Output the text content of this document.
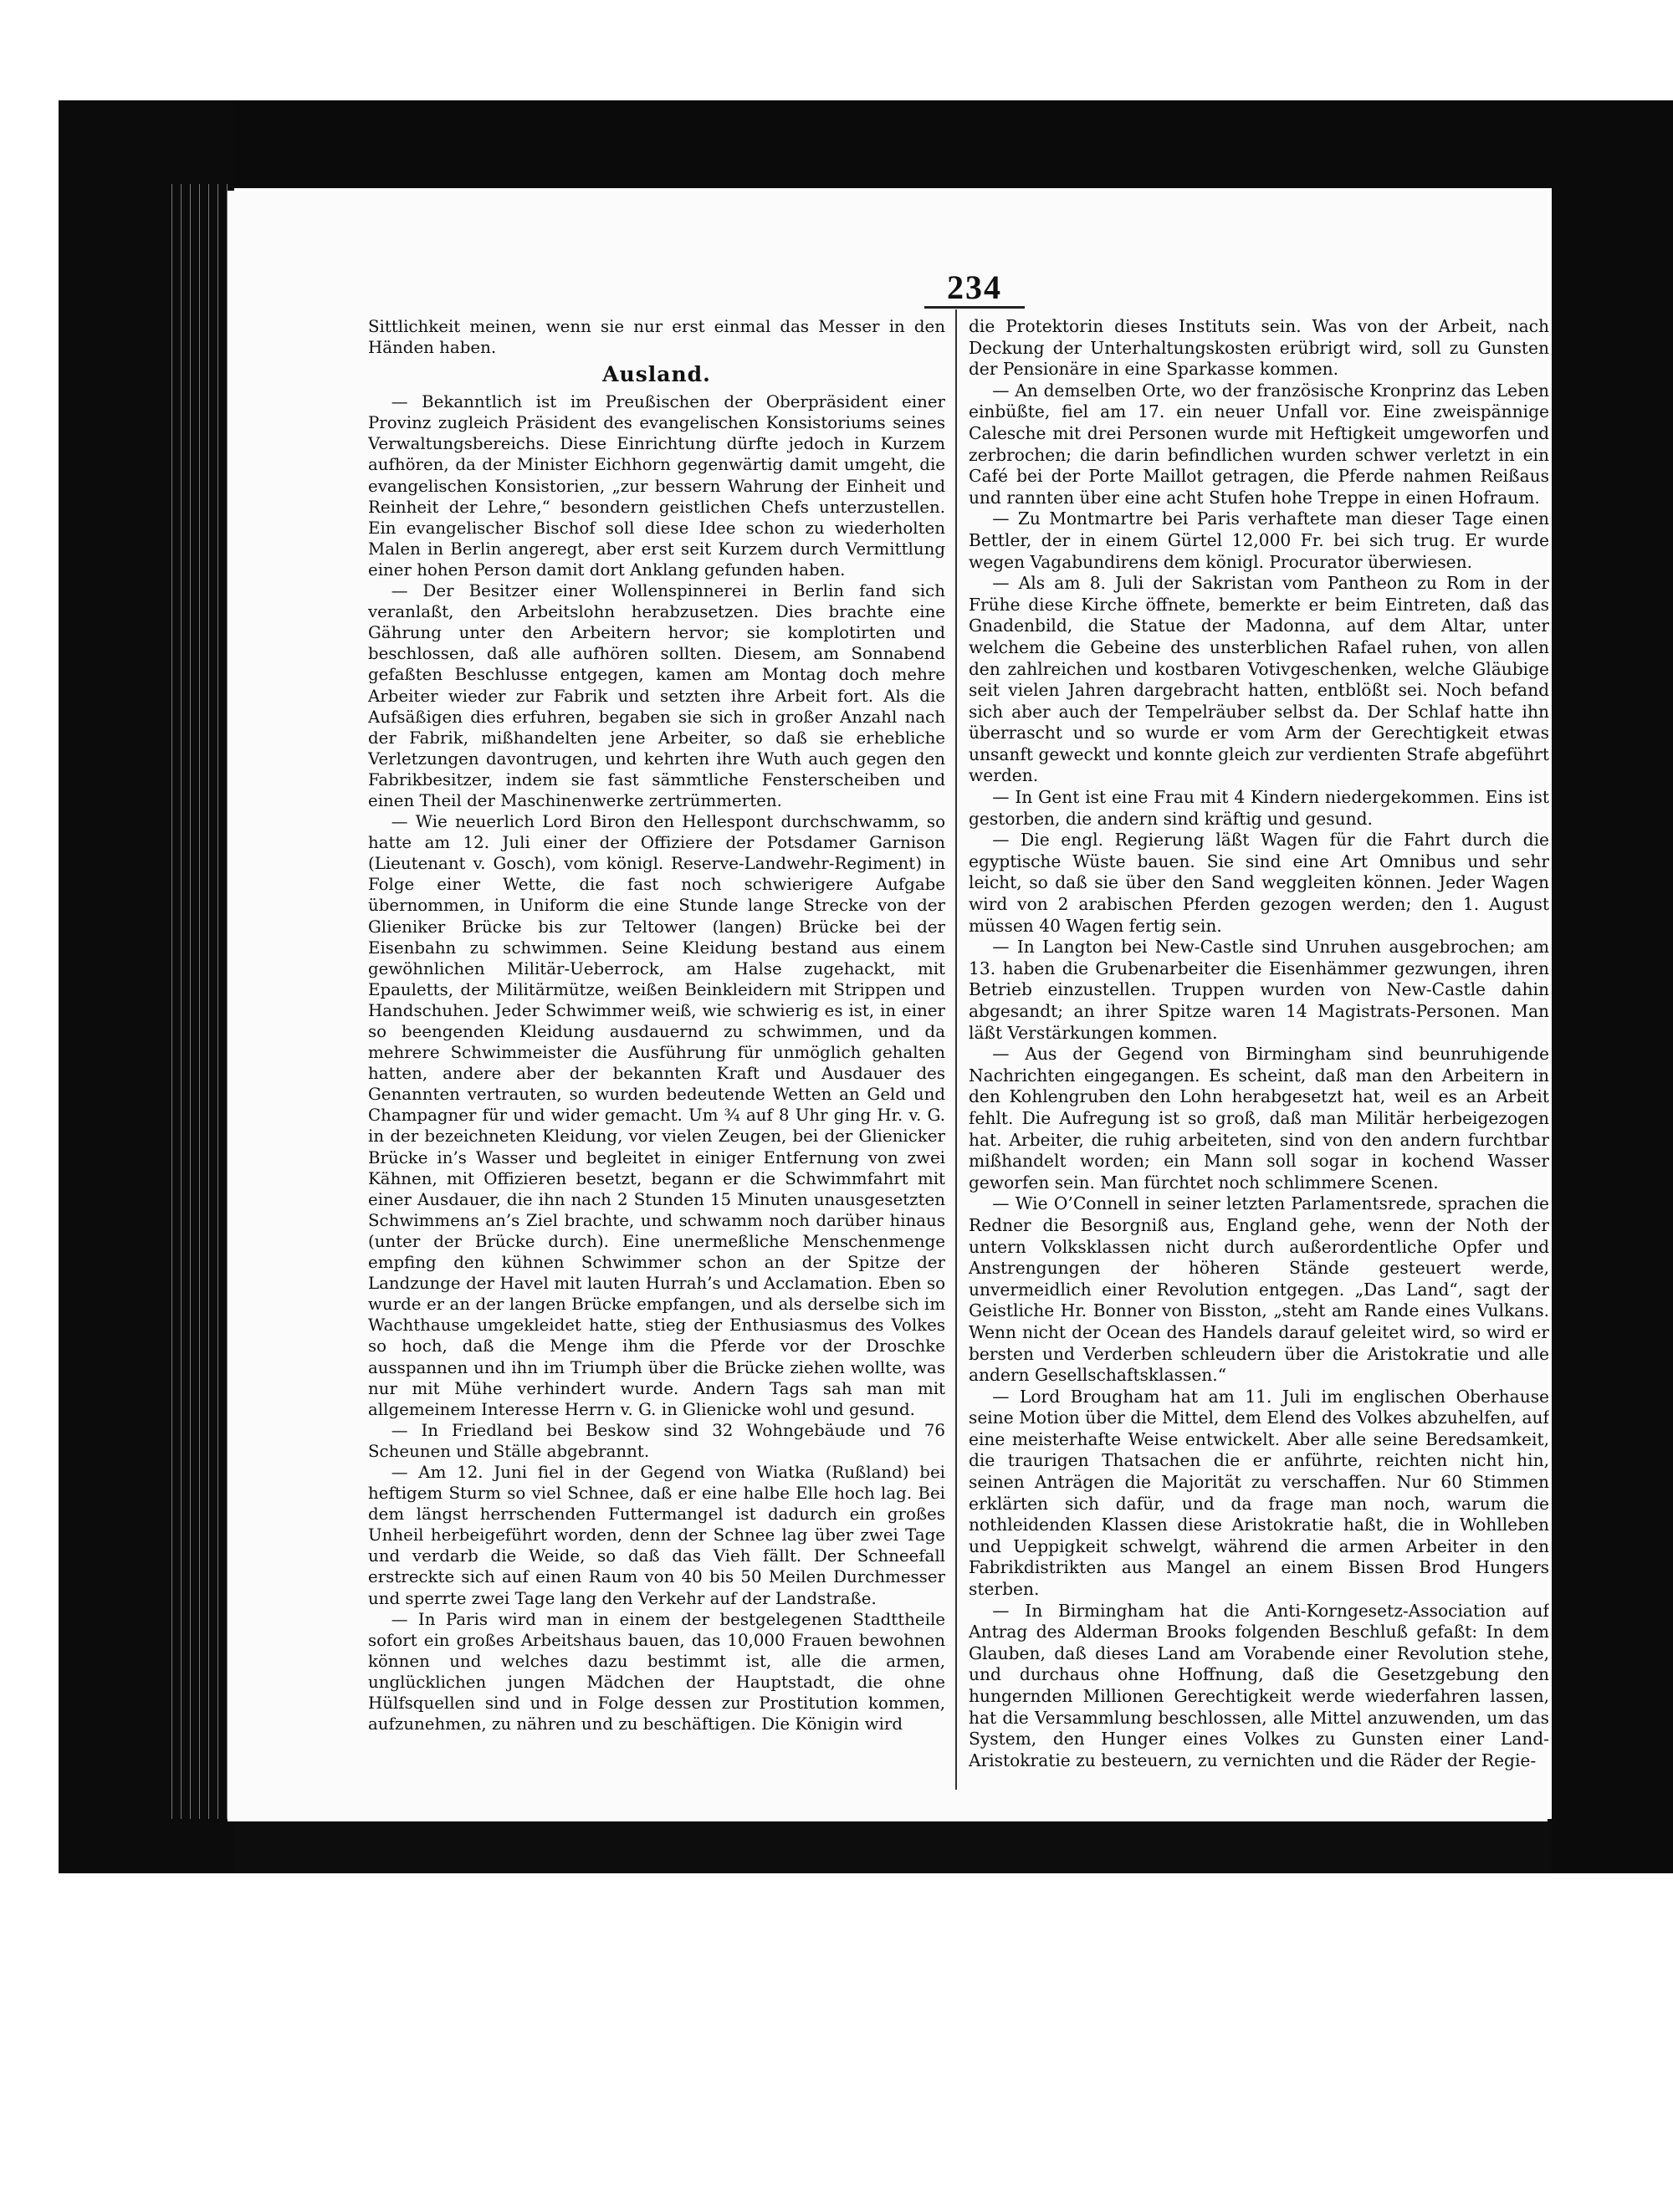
234

Sittlichkeit meinen, wenn sie nur erst einmal das Messer in den Händen haben.

Ausland.

— Bekanntlich ist im Preußischen der Oberpräsident einer Provinz zugleich Präsident des evangelischen Konsistoriums seines Verwaltungsbereichs. Diese Einrichtung dürfte jedoch in Kurzem aufhören, da der Minister Eichhorn gegenwärtig damit umgeht, die evangelischen Konsistorien, „zur bessern Wahrung der Einheit und Reinheit der Lehre,“ besondern geistlichen Chefs unterzustellen. Ein evangelischer Bischof soll diese Idee schon zu wiederholten Malen in Berlin angeregt, aber erst seit Kurzem durch Vermittlung einer hohen Person damit dort Anklang gefunden haben.

— Der Besitzer einer Wollenspinnerei in Berlin fand sich veranlaßt, den Arbeitslohn herabzusetzen. Dies brachte eine Gährung unter den Arbeitern hervor; sie komplotirten und beschlossen, daß alle aufhören sollten. Diesem, am Sonnabend gefaßten Beschlusse entgegen, kamen am Montag doch mehre Arbeiter wieder zur Fabrik und setzten ihre Arbeit fort. Als die Aufsäßigen dies erfuhren, begaben sie sich in großer Anzahl nach der Fabrik, mißhandelten jene Arbeiter, so daß sie erhebliche Verletzungen davontrugen, und kehrten ihre Wuth auch gegen den Fabrikbesitzer, indem sie fast sämmtliche Fensterscheiben und einen Theil der Maschinenwerke zertrümmerten.

— Wie neuerlich Lord Biron den Hellespont durchschwamm, so hatte am 12. Juli einer der Offiziere der Potsdamer Garnison (Lieutenant v. Gosch), vom königl. Reserve-Landwehr-Regiment) in Folge einer Wette, die fast noch schwierigere Aufgabe übernommen, in Uniform die eine Stunde lange Strecke von der Glieniker Brücke bis zur Teltower (langen) Brücke bei der Eisenbahn zu schwimmen. Seine Kleidung bestand aus einem gewöhnlichen Militär-Ueberrock, am Halse zugehackt, mit Epauletts, der Militärmütze, weißen Beinkleidern mit Strippen und Handschuhen. Jeder Schwimmer weiß, wie schwierig es ist, in einer so beengenden Kleidung ausdauernd zu schwimmen, und da mehrere Schwimmeister die Ausführung für unmöglich gehalten hatten, andere aber der bekannten Kraft und Ausdauer des Genannten vertrauten, so wurden bedeutende Wetten an Geld und Champagner für und wider gemacht. Um ¾ auf 8 Uhr ging Hr. v. G. in der bezeichneten Kleidung, vor vielen Zeugen, bei der Glienicker Brücke in’s Wasser und begleitet in einiger Entfernung von zwei Kähnen, mit Offizieren besetzt, begann er die Schwimmfahrt mit einer Ausdauer, die ihn nach 2 Stunden 15 Minuten unausgesetzten Schwimmens an’s Ziel brachte, und schwamm noch darüber hinaus (unter der Brücke durch). Eine unermeßliche Menschenmenge empfing den kühnen Schwimmer schon an der Spitze der Landzunge der Havel mit lauten Hurrah’s und Acclamation. Eben so wurde er an der langen Brücke empfangen, und als derselbe sich im Wachthause umgekleidet hatte, stieg der Enthusiasmus des Volkes so hoch, daß die Menge ihm die Pferde vor der Droschke ausspannen und ihn im Triumph über die Brücke ziehen wollte, was nur mit Mühe verhindert wurde. Andern Tags sah man mit allgemeinem Interesse Herrn v. G. in Glienicke wohl und gesund.

— In Friedland bei Beskow sind 32 Wohngebäude und 76 Scheunen und Ställe abgebrannt.

— Am 12. Juni fiel in der Gegend von Wiatka (Rußland) bei heftigem Sturm so viel Schnee, daß er eine halbe Elle hoch lag. Bei dem längst herrschenden Futtermangel ist dadurch ein großes Unheil herbeigeführt worden, denn der Schnee lag über zwei Tage und verdarb die Weide, so daß das Vieh fällt. Der Schneefall erstreckte sich auf einen Raum von 40 bis 50 Meilen Durchmesser und sperrte zwei Tage lang den Verkehr auf der Landstraße.

— In Paris wird man in einem der bestgelegenen Stadttheile sofort ein großes Arbeitshaus bauen, das 10,000 Frauen bewohnen können und welches dazu bestimmt ist, alle die armen, unglücklichen jungen Mädchen der Hauptstadt, die ohne Hülfsquellen sind und in Folge dessen zur Prostitution kommen, aufzunehmen, zu nähren und zu beschäftigen. Die Königin wird

die Protektorin dieses Instituts sein. Was von der Arbeit, nach Deckung der Unterhaltungskosten erübrigt wird, soll zu Gunsten der Pensionäre in eine Sparkasse kommen.

— An demselben Orte, wo der französische Kronprinz das Leben einbüßte, fiel am 17. ein neuer Unfall vor. Eine zweispännige Caleschе mit drei Personen wurde mit Heftigkeit umgeworfen und zerbrochen; die darin befindlichen wurden schwer verletzt in ein Café bei der Porte Maillot getragen, die Pferde nahmen Reißaus und rannten über eine acht Stufen hohe Treppe in einen Hofraum.

— Zu Montmartre bei Paris verhaftete man dieser Tage einen Bettler, der in einem Gürtel 12,000 Fr. bei sich trug. Er wurde wegen Vagabundirens dem königl. Procurator überwiesen.

— Als am 8. Juli der Sakristan vom Pantheon zu Rom in der Frühe diese Kirche öffnete, bemerkte er beim Eintreten, daß das Gnadenbild, die Statue der Madonna, auf dem Altar, unter welchem die Gebeine des unsterblichen Rafael ruhen, von allen den zahlreichen und kostbaren Votivgeschenken, welche Gläubige seit vielen Jahren dargebracht hatten, entblößt sei. Noch befand sich aber auch der Tempelräuber selbst da. Der Schlaf hatte ihn überrascht und so wurde er vom Arm der Gerechtigkeit etwas unsanft geweckt und konnte gleich zur verdienten Strafe abgeführt werden.

— In Gent ist eine Frau mit 4 Kindern niedergekommen. Eins ist gestorben, die andern sind kräftig und gesund.

— Die engl. Regierung läßt Wagen für die Fahrt durch die egyptische Wüste bauen. Sie sind eine Art Omnibus und sehr leicht, so daß sie über den Sand weggleiten können. Jeder Wagen wird von 2 arabischen Pferden gezogen werden; den 1. August müssen 40 Wagen fertig sein.

— In Langton bei New-Castle sind Unruhen ausgebrochen; am 13. haben die Grubenarbeiter die Eisenhämmer gezwungen, ihren Betrieb einzustellen. Truppen wurden von New-Castle dahin abgesandt; an ihrer Spitze waren 14 Magistrats-Personen. Man läßt Verstärkungen kommen.

— Aus der Gegend von Birmingham sind beunruhigende Nachrichten eingegangen. Es scheint, daß man den Arbeitern in den Kohlengruben den Lohn herabgesetzt hat, weil es an Arbeit fehlt. Die Aufregung ist so groß, daß man Militär herbeigezogen hat. Arbeiter, die ruhig arbeiteten, sind von den andern furchtbar mißhandelt worden; ein Mann soll sogar in kochend Wasser geworfen sein. Man fürchtet noch schlimmere Scenen.

— Wie O’Connell in seiner letzten Parlamentsrede, sprachen die Redner die Besorgniß aus, England gehe, wenn der Noth der untern Volksklassen nicht durch außerordentliche Opfer und Anstrengungen der höheren Stände gesteuert werde, unvermeidlich einer Revolution entgegen. „Das Land“, sagt der Geistliche Hr. Bonner von Bisston, „steht am Rande eines Vulkans. Wenn nicht der Ocean des Handels darauf geleitet wird, so wird er bersten und Verderben schleudern über die Aristokratie und alle andern Gesellschaftsklassen.“

— Lord Brougham hat am 11. Juli im englischen Oberhause seine Motion über die Mittel, dem Elend des Volkes abzuhelfen, auf eine meisterhafte Weise entwickelt. Aber alle seine Beredsamkeit, die traurigen Thatsachen die er anführte, reichten nicht hin, seinen Anträgen die Majorität zu verschaffen. Nur 60 Stimmen erklärten sich dafür, und da frage man noch, warum die nothleidenden Klassen diese Aristokratie haßt, die in Wohlleben und Ueppigkeit schwelgt, während die armen Arbeiter in den Fabrikdistrikten aus Mangel an einem Bissen Brod Hungers sterben.

— In Birmingham hat die Anti-Korngesetz-Association auf Antrag des Alderman Brooks folgenden Beschluß gefaßt: In dem Glauben, daß dieses Land am Vorabende einer Revolution stehe, und durchaus ohne Hoffnung, daß die Gesetzgebung den hungernden Millionen Gerechtigkeit werde wiederfahren lassen, hat die Versammlung beschlossen, alle Mittel anzuwenden, um das System, den Hunger eines Volkes zu Gunsten einer Land-Aristokratie zu besteuern, zu vernichten und die Räder der Regie-
